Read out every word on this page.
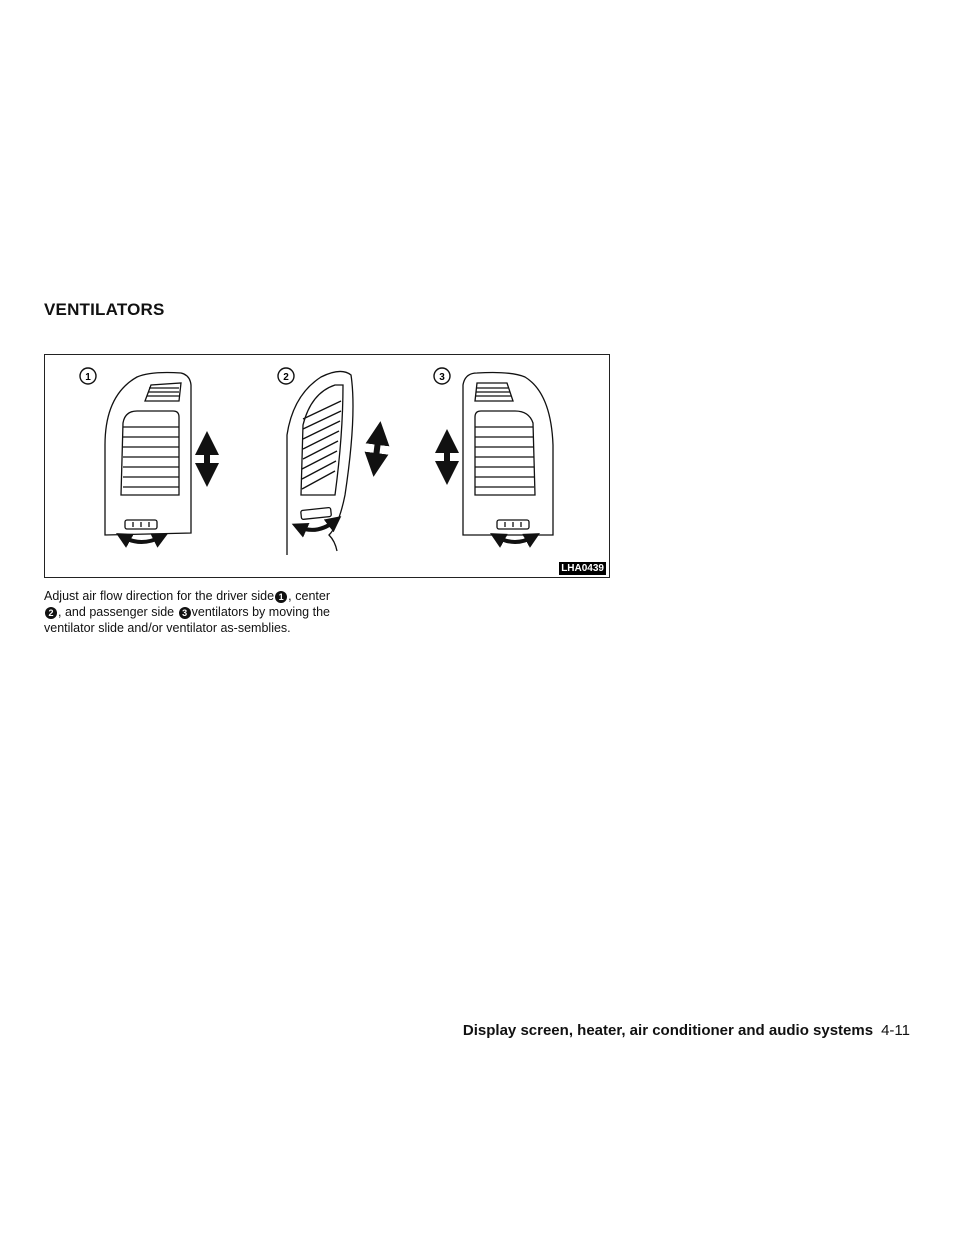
VENTILATORS
1	2	3
LHA0439

Adjust air flow direction for the driver side 1 , center 2 , and passenger side 3 ventilators by moving the ventilator slide and/or ventilator as-semblies.

Display screen, heater, air conditioner and audio systems 4-11
